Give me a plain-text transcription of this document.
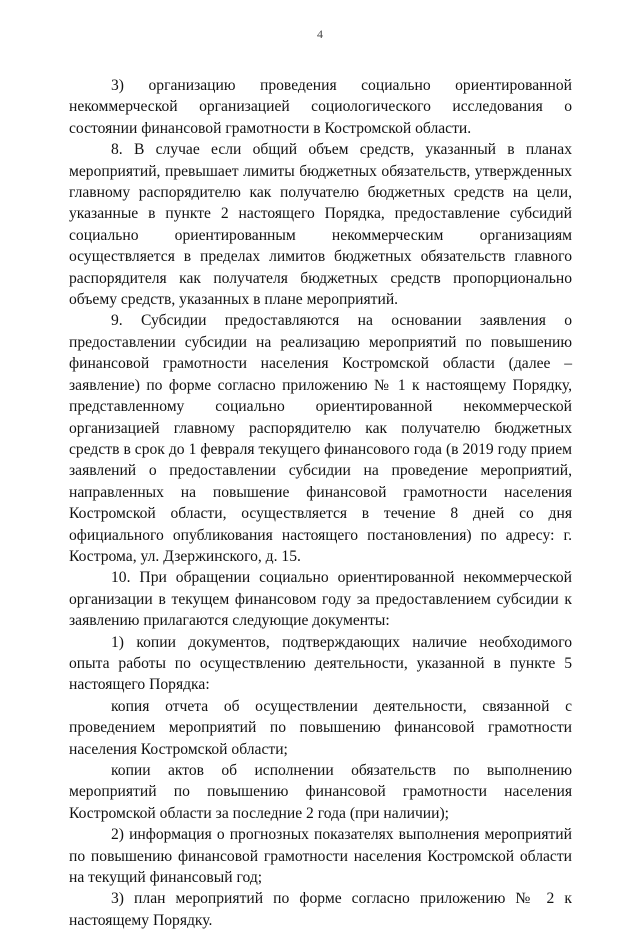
4

3) организацию проведения социально ориентированной некоммерческой организацией социологического исследования о состоянии финансовой грамотности в Костромской области.

8. В случае если общий объем средств, указанный в планах мероприятий, превышает лимиты бюджетных обязательств, утвержденных главному распорядителю как получателю бюджетных средств на цели, указанные в пункте 2 настоящего Порядка, предоставление субсидий социально ориентированным некоммерческим организациям осуществляется в пределах лимитов бюджетных обязательств главного распорядителя как получателя бюджетных средств пропорционально объему средств, указанных в плане мероприятий.

9. Субсидии предоставляются на основании заявления о предоставлении субсидии на реализацию мероприятий по повышению финансовой грамотности населения Костромской области (далее – заявление) по форме согласно приложению № 1 к настоящему Порядку, представленному социально ориентированной некоммерческой организацией главному распорядителю как получателю бюджетных средств в срок до 1 февраля текущего финансового года (в 2019 году прием заявлений о предоставлении субсидии на проведение мероприятий, направленных на повышение финансовой грамотности населения Костромской области, осуществляется в течение 8 дней со дня официального опубликования настоящего постановления) по адресу: г. Кострома, ул. Дзержинского, д. 15.

10. При обращении социально ориентированной некоммерческой организации в текущем финансовом году за предоставлением субсидии к заявлению прилагаются следующие документы:

1) копии документов, подтверждающих наличие необходимого опыта работы по осуществлению деятельности, указанной в пункте 5 настоящего Порядка:

копия отчета об осуществлении деятельности, связанной с проведением мероприятий по повышению финансовой грамотности населения Костромской области;

копии актов об исполнении обязательств по выполнению мероприятий по повышению финансовой грамотности населения Костромской области за последние 2 года (при наличии);

2) информация о прогнозных показателях выполнения мероприятий по повышению финансовой грамотности населения Костромской области на текущий финансовый год;

3) план мероприятий по форме согласно приложению № 2 к настоящему Порядку.
